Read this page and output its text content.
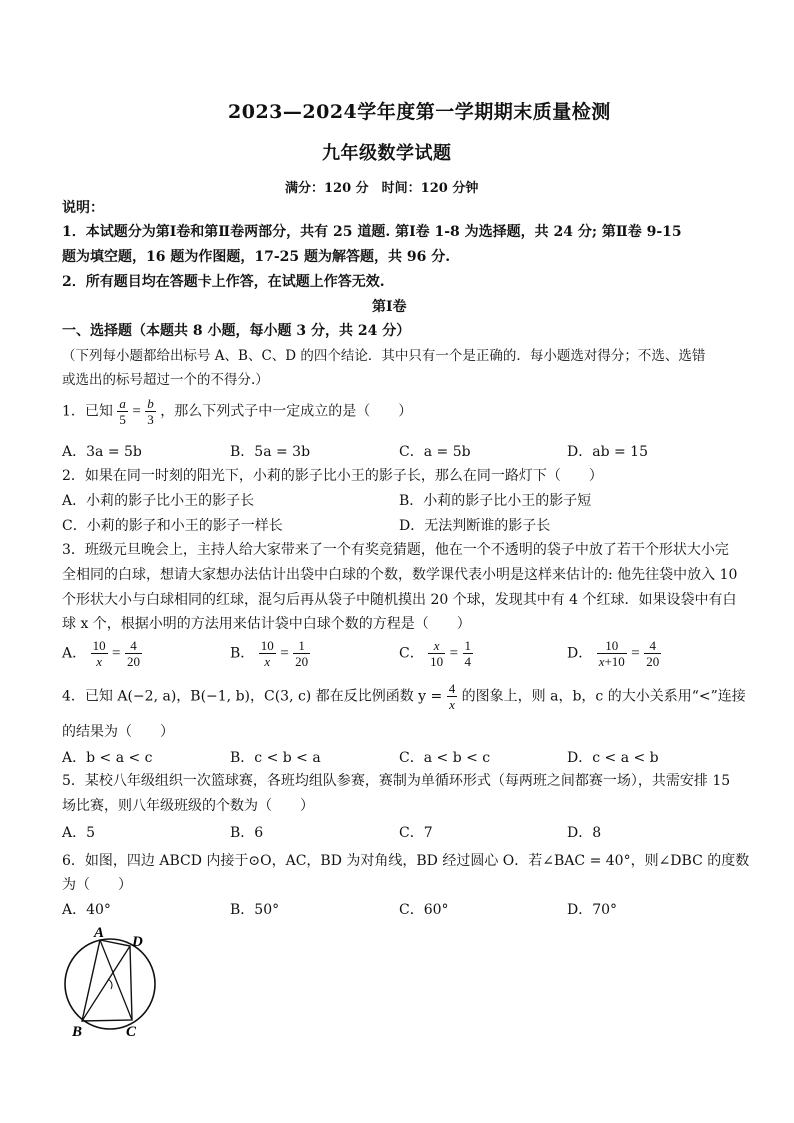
2023—2024学年度第一学期期末质量检测
九年级数学试题
满分：120 分　时间：120 分钟
说明：
1．本试题分为第Ⅰ卷和第Ⅱ卷两部分，共有 25 道题. 第Ⅰ卷 1-8 为选择题，共 24 分; 第Ⅱ卷 9-15
题为填空题，16 题为作图题，17-25 题为解答题，共 96 分.
2．所有题目均在答题卡上作答，在试题上作答无效.
第Ⅰ卷
一、选择题（本题共 8 小题，每小题 3 分，共 24 分）
（下列每小题都给出标号 A、B、C、D 的四个结论．其中只有一个是正确的．每小题选对得分；不选、选错
或选出的标号超过一个的不得分.）
1．已知 $\frac{a}{5} = \frac{b}{3}$ ，那么下列式子中一定成立的是（　　）
A．3a = 5b	B．5a = 3b	C．a = 5b	D．ab = 15
2．如果在同一时刻的阳光下，小莉的影子比小王的影子长，那么在同一路灯下（　　）
A．小莉的影子比小王的影子长	B．小莉的影子比小王的影子短
C．小莉的影子和小王的影子一样长	D．无法判断谁的影子长
3．班级元旦晚会上，主持人给大家带来了一个有奖竞猜题，他在一个不透明的袋子中放了若干个形状大小完
全相同的白球，想请大家想办法估计出袋中白球的个数，数学课代表小明是这样来估计的: 他先往袋中放入 10
个形状大小与白球相同的红球，混匀后再从袋子中随机摸出 20 个球，发现其中有 4 个红球．如果设袋中有白
球 x 个，根据小明的方法用来估计袋中白球个数的方程是（　　）
A． $\frac{10}{x} = \frac{4}{20}$	B． $\frac{10}{x} = \frac{1}{20}$	C． $\frac{x}{10} = \frac{1}{4}$	D． $\frac{10}{x+10} = \frac{4}{20}$
4．已知 A(−2, a)，B(−1, b)，C(3, c) 都在反比例函数 $y = \frac{4}{x}$ 的图象上，则 a，b，c 的大小关系用“<”连接
的结果为（　　）
A．b < a < c	B．c < b < a	C．a < b < c	D．c < a < b
5．某校八年级组织一次篮球赛，各班均组队参赛，赛制为单循环形式（每两班之间都赛一场），共需安排 15
场比赛，则八年级班级的个数为（　　）
A．5	B．6	C．7	D．8
6．如图，四边 ABCD 内接于⊙O，AC，BD 为对角线，BD 经过圆心 O．若∠BAC = 40°，则∠DBC 的度数
为（　　）
A．40°	B．50°	C．60°	D．70°
A
D
B	C
